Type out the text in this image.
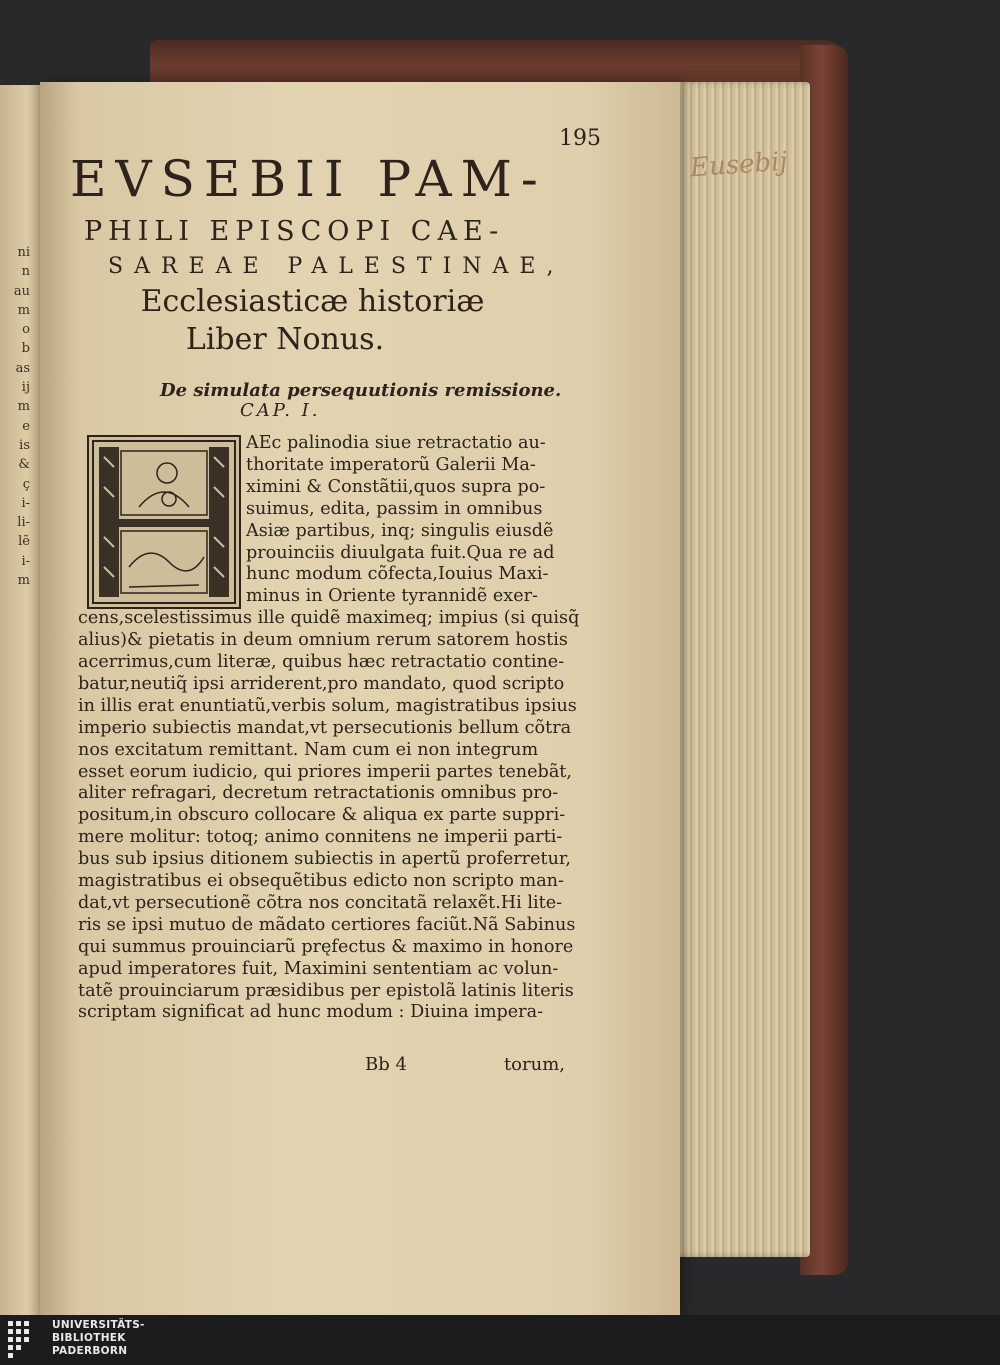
Eusebij
ni
n
au
m
o
b
as
ij
m
e
is
&
ç
i-
li-
lẽ
i-
m
195
EVSEBII PAM-
PHILI EPISCOPI CAE-
SAREAE PALESTINAE,
Ecclesiasticæ historiæ
Liber Nonus.
De simulata persequutionis remissione.
CAP. I.
AEc palinodia siue retractatio au-
thoritate imperatorũ Galerii Ma-
ximini & Constãtii,quos supra po-
suimus, edita, passim in omnibus
Asiæ partibus, inq; singulis eiusdẽ
prouinciis diuulgata fuit.Qua re ad
hunc modum cõfecta,Iouius Maxi-
minus in Oriente tyrannidẽ exer-
cens,scelestissimus ille quidẽ maximeq; impius (si quisq̃
alius)& pietatis in deum omnium rerum satorem hostis
acerrimus,cum literæ, quibus hæc retractatio contine-
batur,neutiq̃ ipsi arriderent,pro mandato, quod scripto
in illis erat enuntiatũ,verbis solum, magistratibus ipsius
imperio subiectis mandat,vt persecutionis bellum cõtra
nos excitatum remittant. Nam cum ei non integrum
esset eorum iudicio, qui priores imperii partes tenebãt,
aliter refragari, decretum retractationis omnibus pro-
positum,in obscuro collocare & aliqua ex parte suppri-
mere molitur: totoq; animo connitens ne imperii parti-
bus sub ipsius ditionem subiectis in apertũ proferretur,
magistratibus ei obsequẽtibus edicto non scripto man-
dat,vt persecutionẽ cõtra nos concitatã relaxẽt.Hi lite-
ris se ipsi mutuo de mãdato certiores faciũt.Nã Sabinus
qui summus prouinciarũ pręfectus & maximo in honore
apud imperatores fuit, Maximini sententiam ac volun-
tatẽ prouinciarum præsidibus per epistolã latinis literis
scriptam significat ad hunc modum : Diuina impera-
Bb 4	torum,
UNIVERSITÄTS-
BIBLIOTHEK
PADERBORN
